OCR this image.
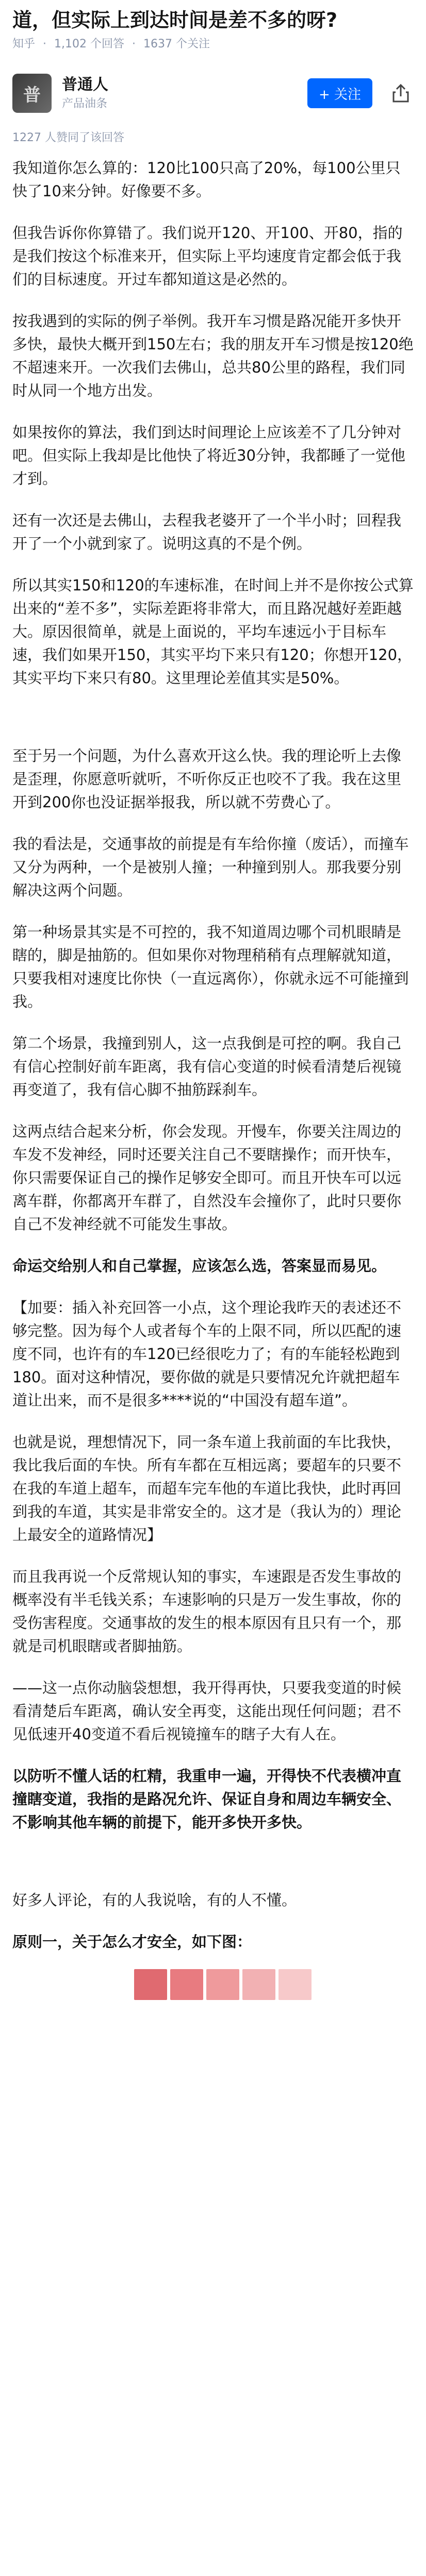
道，但实际上到达时间是差不多的呀?
知乎 · 1,102 个回答 · 1637 个关注
普	普通人
产品油条
+ 关注
1227 人赞同了该回答

我知道你怎么算的：120比100只高了20%，每100公里只快了10来分钟。好像要不多。

但我告诉你你算错了。我们说开120、开100、开80，指的是我们按这个标准来开，但实际上平均速度肯定都会低于我们的目标速度。开过车都知道这是必然的。

按我遇到的实际的例子举例。我开车习惯是路况能开多快开多快，最快大概开到150左右；我的朋友开车习惯是按120绝不超速来开。一次我们去佛山，总共80公里的路程，我们同时从同一个地方出发。

如果按你的算法，我们到达时间理论上应该差不了几分钟对吧。但实际上我却是比他快了将近30分钟，我都睡了一觉他才到。

还有一次还是去佛山，去程我老婆开了一个半小时；回程我开了一个小就到家了。说明这真的不是个例。

所以其实150和120的车速标准，在时间上并不是你按公式算出来的“差不多”，实际差距将非常大，而且路况越好差距越大。原因很简单，就是上面说的，平均车速远小于目标车速，我们如果开150，其实平均下来只有120；你想开120，其实平均下来只有80。这里理论差值其实是50%。

至于另一个问题，为什么喜欢开这么快。我的理论听上去像是歪理，你愿意听就听，不听你反正也咬不了我。我在这里开到200你也没证据举报我，所以就不劳费心了。

我的看法是，交通事故的前提是有车给你撞（废话），而撞车又分为两种，一个是被别人撞；一种撞到别人。那我要分别解决这两个问题。

第一种场景其实是不可控的，我不知道周边哪个司机眼睛是瞎的，脚是抽筋的。但如果你对物理稍稍有点理解就知道，只要我相对速度比你快（一直远离你），你就永远不可能撞到我。

第二个场景，我撞到别人，这一点我倒是可控的啊。我自己有信心控制好前车距离，我有信心变道的时候看清楚后视镜再变道了，我有信心脚不抽筋踩刹车。

这两点结合起来分析，你会发现。开慢车，你要关注周边的车发不发神经，同时还要关注自己不要瞎操作；而开快车，你只需要保证自己的操作足够安全即可。而且开快车可以远离车群，你都离开车群了，自然没车会撞你了，此时只要你自己不发神经就不可能发生事故。

命运交给别人和自己掌握，应该怎么选，答案显而易见。

【加要：插入补充回答一小点，这个理论我昨天的表述还不够完整。因为每个人或者每个车的上限不同，所以匹配的速度不同，也许有的车120已经很吃力了；有的车能轻松跑到180。面对这种情况，要你做的就是只要情况允许就把超车道让出来，而不是很多****说的“中国没有超车道”。

也就是说，理想情况下，同一条车道上我前面的车比我快，我比我后面的车快。所有车都在互相远离；要超车的只要不在我的车道上超车，而超车完车他的车道比我快，此时再回到我的车道，其实是非常安全的。这才是（我认为的）理论上最安全的道路情况】

而且我再说一个反常规认知的事实，车速跟是否发生事故的概率没有半毛钱关系；车速影响的只是万一发生事故，你的受伤害程度。交通事故的发生的根本原因有且只有一个，那就是司机眼瞎或者脚抽筋。

——这一点你动脑袋想想，我开得再快，只要我变道的时候看清楚后车距离，确认安全再变，这能出现任何问题；君不见低速开40变道不看后视镜撞车的瞎子大有人在。

以防听不懂人话的杠精，我重申一遍，开得快不代表横冲直撞瞎变道，我指的是路况允许、保证自身和周边车辆安全、不影响其他车辆的前提下，能开多快开多快。

好多人评论，有的人我说啥，有的人不懂。

原则一，关于怎么才安全，如下图：
